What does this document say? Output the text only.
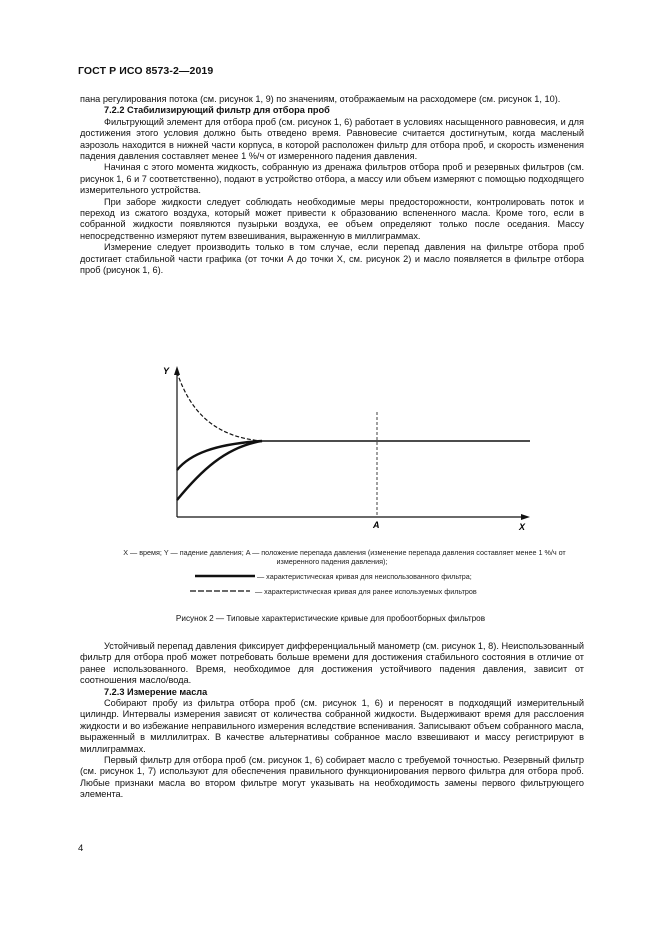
ГОСТ Р ИСО 8573-2—2019

пана регулирования потока (см. рисунок 1, 9) по значениям, отображаемым на расходомере (см. рисунок 1, 10).

7.2.2 Стабилизирующий фильтр для отбора проб

Фильтрующий элемент для отбора проб (см. рисунок 1, 6) работает в условиях насыщенного равновесия, и для достижения этого условия должно быть отведено время. Равновесие считается достигнутым, когда масленый аэрозоль находится в нижней части корпуса, в которой расположен фильтр для отбора проб, и скорость изменения падения давления составляет менее 1 %/ч от измеренного падения давления.

Начиная с этого момента жидкость, собранную из дренажа фильтров отбора проб и резервных фильтров (см. рисунок 1, 6 и 7 соответственно), подают в устройство отбора, а массу или объем измеряют с помощью подходящего измерительного устройства.

При заборе жидкости следует соблюдать необходимые меры предосторожности, контролировать поток и переход из сжатого воздуха, который может привести к образованию вспененного масла. Кроме того, если в собранной жидкости появляются пузырьки воздуха, ее объем определяют только после оседания. Массу непосредственно измеряют путем взвешивания, выраженную в миллиграммах.

Измерение следует производить только в том случае, если перепад давления на фильтре отбора проб достигает стабильной части графика (от точки A до точки X, см. рисунок 2) и масло появляется в фильтре отбора проб (рисунок 1, 6).

Y
X
A
X — время; Y — падение давления; A — положение перепада давления (изменение перепада давления составляет менее 1 %/ч от измеренного падения давления);
— характеристическая кривая для неиспользованного фильтра;
— характеристическая кривая для ранее используемых фильтров
Рисунок 2 — Типовые характеристические кривые для пробоотборных фильтров

Устойчивый перепад давления фиксирует дифференциальный манометр (см. рисунок 1, 8). Неиспользованный фильтр для отбора проб может потребовать больше времени для достижения стабильного состояния в отличие от ранее использованного. Время, необходимое для достижения устойчивого падения давления, зависит от соотношения масло/вода.

7.2.3 Измерение масла

Собирают пробу из фильтра отбора проб (см. рисунок 1, 6) и переносят в подходящий измерительный цилиндр. Интервалы измерения зависят от количества собранной жидкости. Выдерживают время для расслоения жидкости и во избежание неправильного измерения вследствие вспенивания. Записывают объем собранного масла, выраженный в миллилитрах. В качестве альтернативы собранное масло взвешивают и массу регистрируют в миллиграммах.

Первый фильтр для отбора проб (см. рисунок 1, 6) собирает масло с требуемой точностью. Резервный фильтр (см. рисунок 1, 7) используют для обеспечения правильного функционирования первого фильтра для отбора проб. Любые признаки масла во втором фильтре могут указывать на необходимость замены первого фильтрующего элемента.

4
